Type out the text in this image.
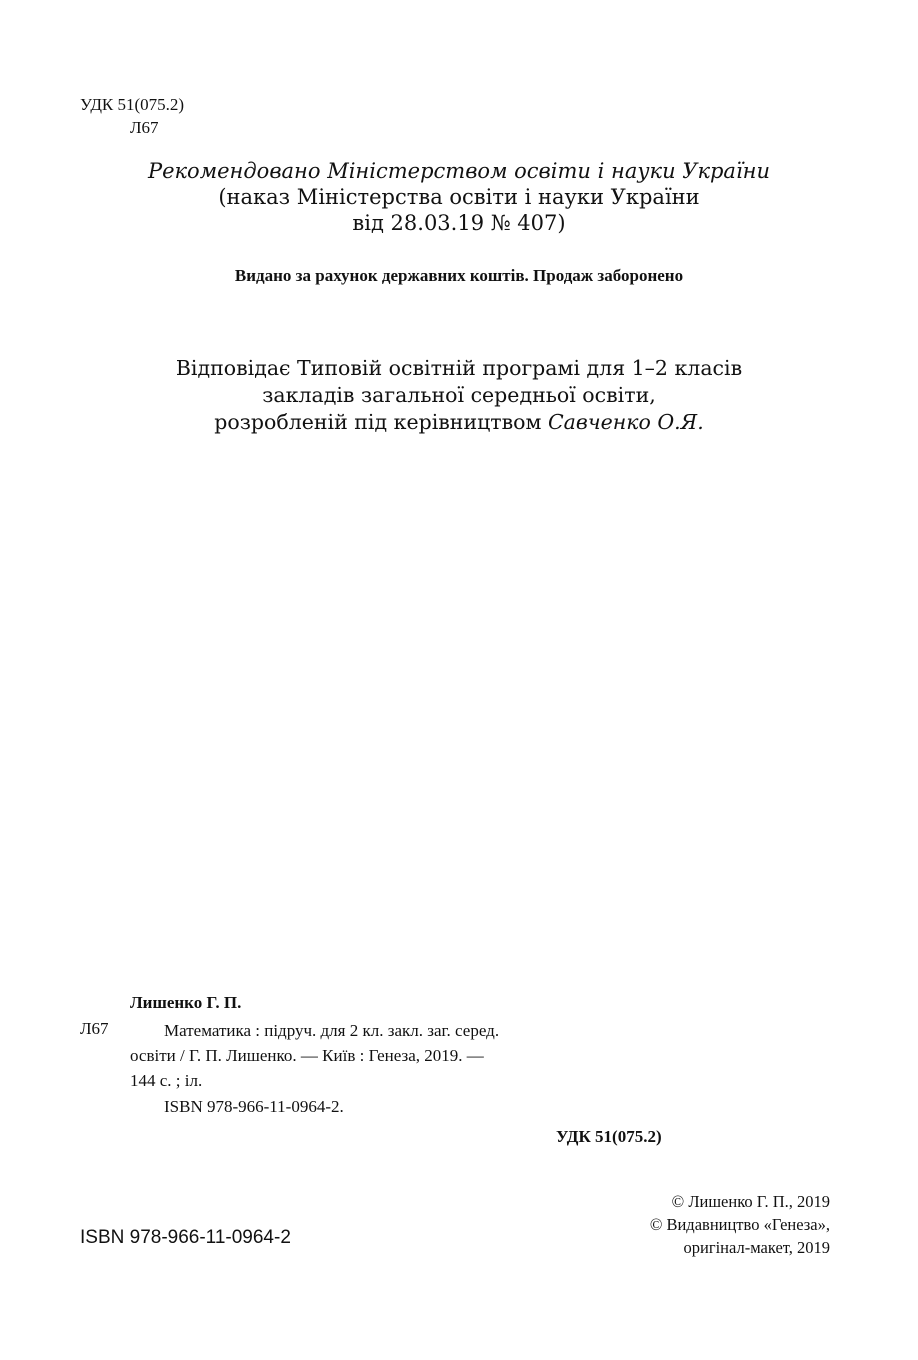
УДК 51(075.2)
Л67
Рекомендовано Міністерством освіти і науки України
(наказ Міністерства освіти і науки України
від 28.03.19 № 407)
Видано за рахунок державних коштів. Продаж заборонено
Відповідає Типовій освітній програмі для 1–2 класів
закладів загальної середньої освіти,
розробленій під керівництвом Савченко О.Я.
Лишенко Г. П.
Л67	Математика : підруч. для 2 кл. закл. заг. серед.
освіти / Г. П. Лишенко. — Київ : Генеза, 2019. —
144 с. ; іл.
ISBN 978-966-11-0964-2.
УДК 51(075.2)
ISBN 978-966-11-0964-2
© Лишенко Г. П., 2019
© Видавництво «Генеза»,
оригінал-макет, 2019
